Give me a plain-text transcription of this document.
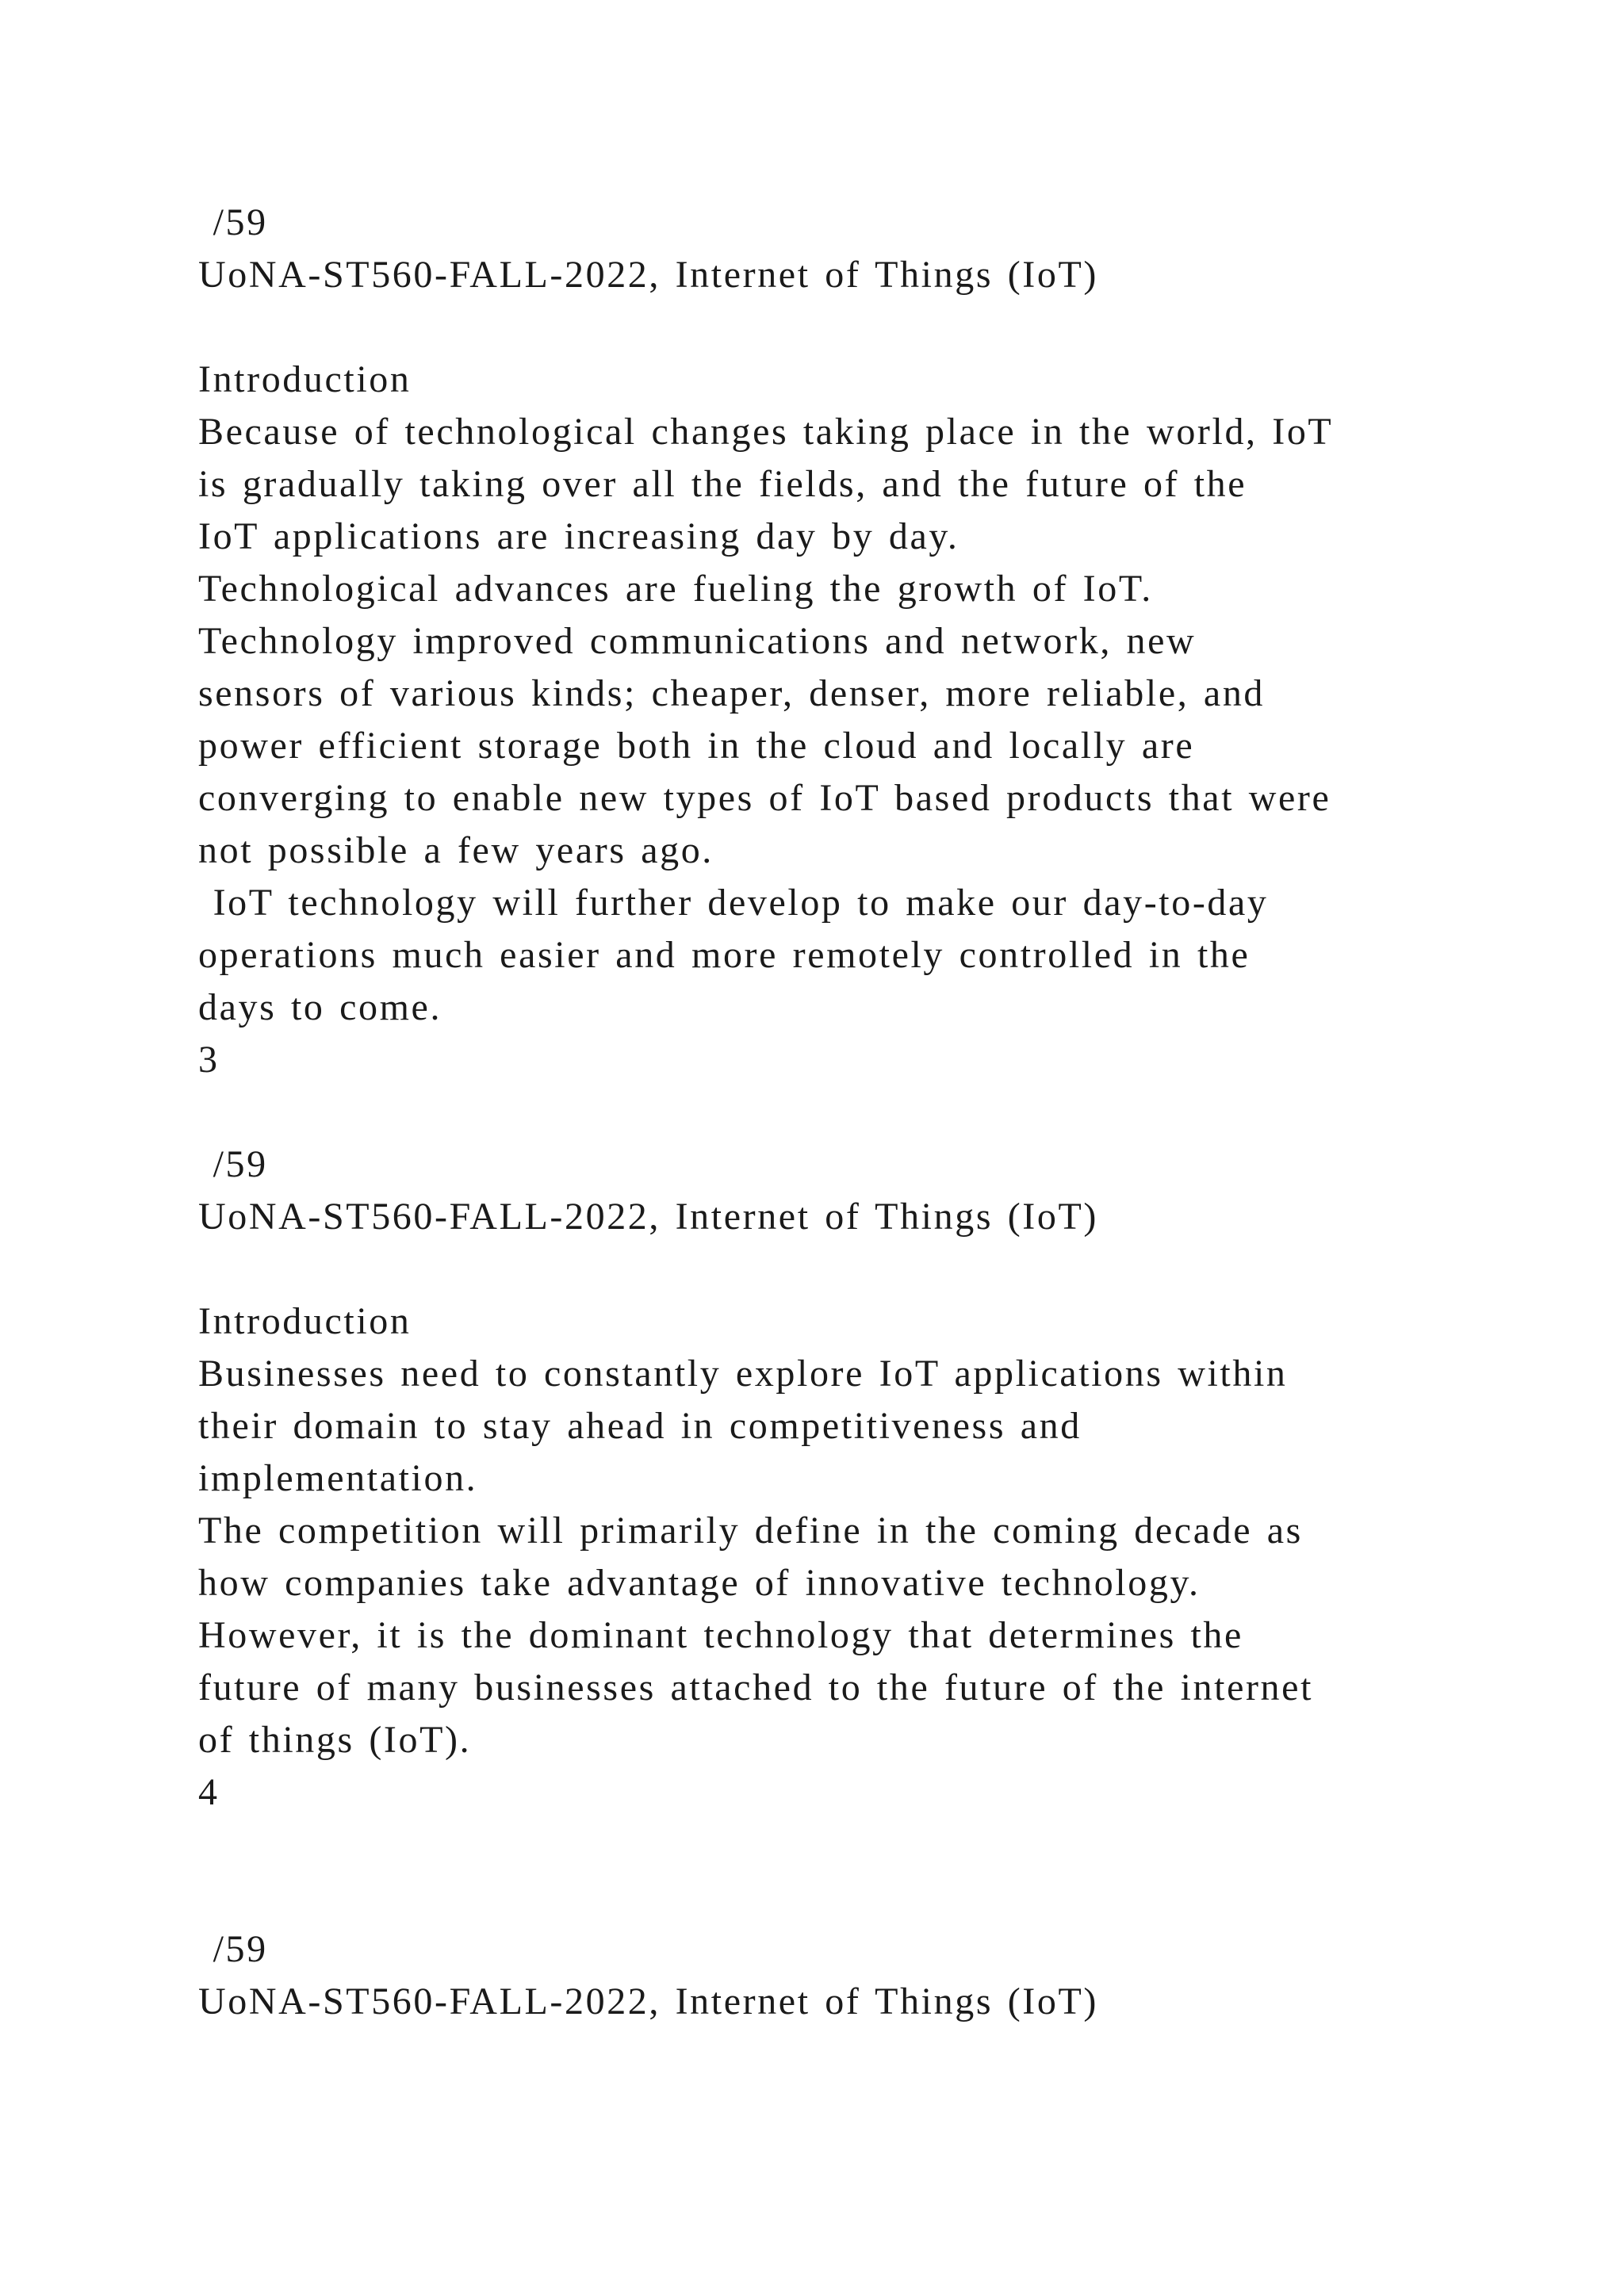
/59
UoNA-ST560-FALL-2022, Internet of Things (IoT)
Introduction
Because of technological changes taking place in the world, IoT
is gradually taking over all the fields, and the future of the
IoT applications are increasing day by day.
Technological advances are fueling the growth of IoT.
Technology improved communications and network, new
sensors of various kinds; cheaper, denser, more reliable, and
power efficient storage both in the cloud and locally are
converging to enable new types of IoT based products that were
not possible a few years ago.
IoT technology will further develop to make our day-to-day
operations much easier and more remotely controlled in the
days to come.
3
/59
UoNA-ST560-FALL-2022, Internet of Things (IoT)
Introduction
Businesses need to constantly explore IoT applications within
their domain to stay ahead in competitiveness and
implementation.
The competition will primarily define in the coming decade as
how companies take advantage of innovative technology.
However, it is the dominant technology that determines the
future of many businesses attached to the future of the internet
of things (IoT).
4
/59
UoNA-ST560-FALL-2022, Internet of Things (IoT)
